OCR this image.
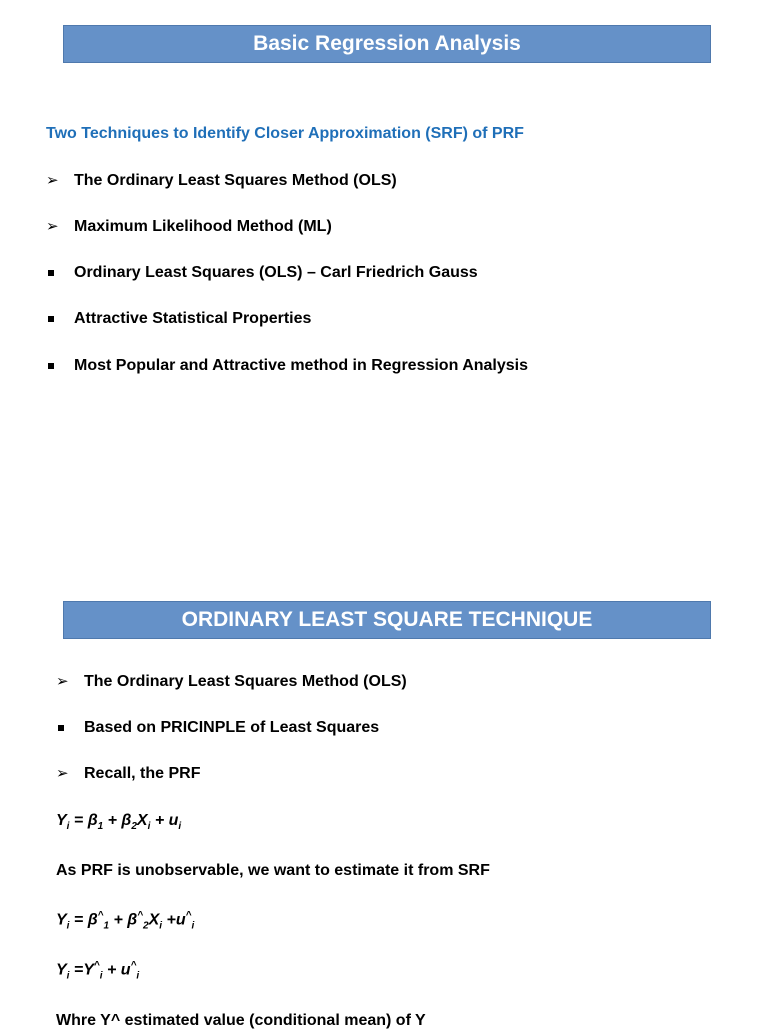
Basic Regression Analysis
Two Techniques to Identify Closer Approximation (SRF) of PRF
➢ The Ordinary Least Squares Method (OLS)
➢ Maximum Likelihood Method (ML)
Ordinary Least Squares (OLS) – Carl Friedrich Gauss
Attractive Statistical Properties
Most Popular and Attractive method in Regression Analysis
ORDINARY LEAST SQUARE TECHNIQUE
➢ The Ordinary Least Squares Method (OLS)
Based on PRICINPLE of Least Squares
➢ Recall, the PRF
$Y_i = \beta_1 + \beta_2X_i + u_i$
As PRF is unobservable, we want to estimate it from SRF
$Y_i = \beta^{\^{}}_1 + \beta^{\^{}}_2X_i +u^{\^{}}_i$
$Y_i =Y^{\^{}}_i + u^{\^{}}_i$
Whre Y^ estimated value (conditional mean) of Y
